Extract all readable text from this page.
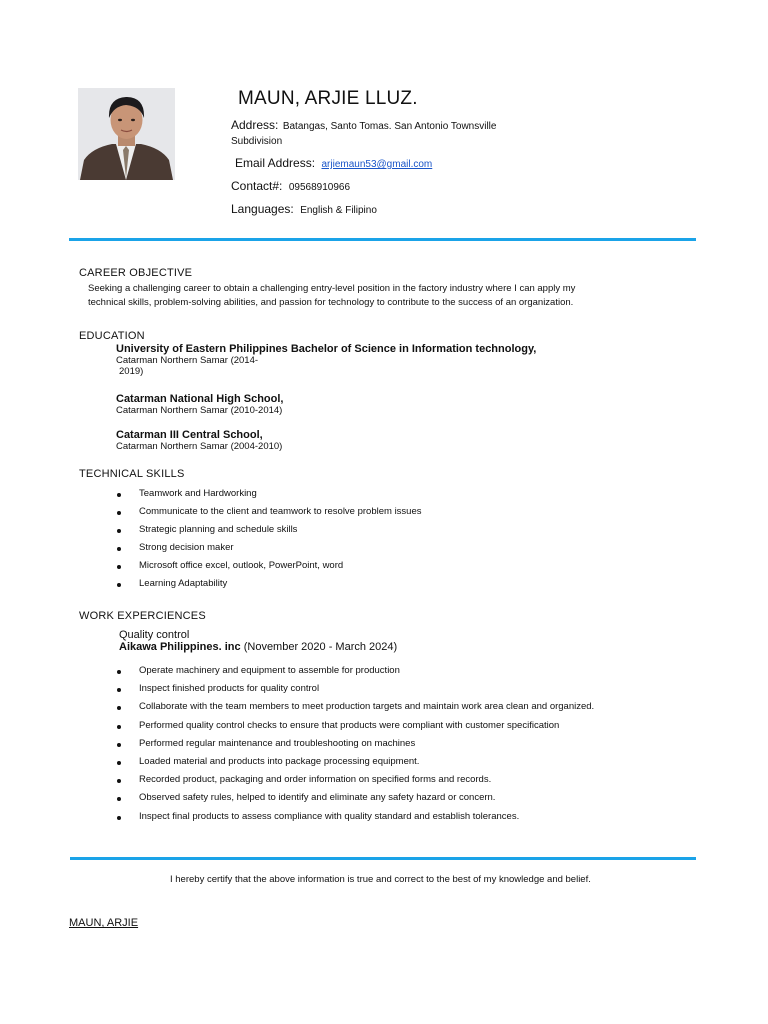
MAUN, ARJIE LLUZ.
Address: Batangas, Santo Tomas. San Antonio Townsville
Subdivision
Email Address: arjiemaun53@gmail.com
Contact#: 09568910966
Languages: English & Filipino
CAREER OBJECTIVE
Seeking a challenging career to obtain a challenging entry-level position in the factory industry where I can apply my
technical skills, problem-solving abilities, and passion for technology to contribute to the success of an organization.
EDUCATION
University of Eastern Philippines Bachelor of Science in Information technology,
Catarman Northern Samar (2014-
2019)
Catarman National High School,
Catarman Northern Samar (2010-2014)
Catarman III Central School,
Catarman Northern Samar (2004-2010)
TECHNICAL SKILLS
Teamwork and Hardworking
Communicate to the client and teamwork to resolve problem issues
Strategic planning and schedule skills
Strong decision maker
Microsoft office excel, outlook, PowerPoint, word
Learning Adaptability
WORK EXPERCIENCES
Quality control
Aikawa Philippines. inc (November 2020 - March 2024)
Operate machinery and equipment to assemble for production
Inspect finished products for quality control
Collaborate with the team members to meet production targets and maintain work area clean and organized.
Performed quality control checks to ensure that products were compliant with customer specification
Performed regular maintenance and troubleshooting on machines
Loaded material and products into package processing equipment.
Recorded product, packaging and order information on specified forms and records.
Observed safety rules, helped to identify and eliminate any safety hazard or concern.
Inspect final products to assess compliance with quality standard and establish tolerances.
I hereby certify that the above information is true and correct to the best of my knowledge and belief.
MAUN, ARJIE
